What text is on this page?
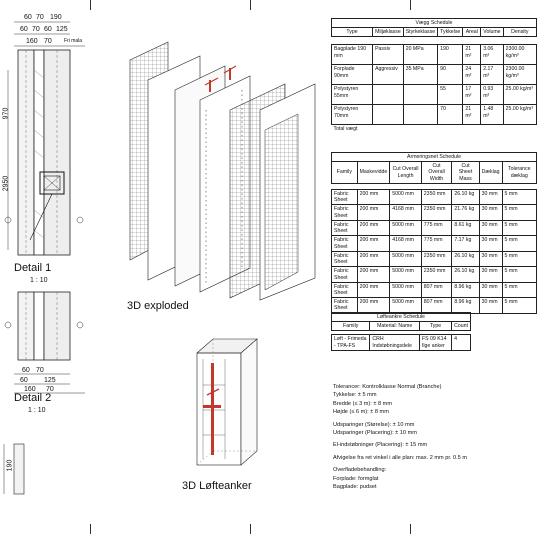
60 70 190
60 70 60 125
160 70 Fri mala
970
2950
Detail 1
1 : 10
60 70
60 125
160 70
Detail 2
1 : 10
190
3D exploded
3D Løfteanker
Vægg Schedule						
Type	Miljøklasse	Styrkeklasse	Tykkelse	Areal	Volume	Density

Bagplade 190 mm	Passiv	20 MPa	190	21 m²	3.06 m³	2300.00 kg/m³
Forplade 90mm	Aggressiv	35 MPa	90	24 m²	2.17 m³	2300.00 kg/m³
Polystyren 55mm			55	17 m²	0.93 m³	25.00 kg/m³
Polystyren 70mm			70	21 m²	1.48 m³	25.00 kg/m³
Total vægt						
Armeringsnet Schedule						
Family	Maskevidde	Cut Overall Length	Cut Overall Width	Cut Sheet Mass	Dæklag	Tolerance dæklag

Fabric Sheet	200 mm	5000 mm	2350 mm	26.10 kg	30 mm	5 mm
Fabric Sheet	200 mm	4168 mm	2350 mm	21.76 kg	30 mm	5 mm
Fabric Sheet	200 mm	5000 mm	775 mm	8.61 kg	30 mm	5 mm
Fabric Sheet	200 mm	4168 mm	775 mm	7.17 kg	30 mm	5 mm
Fabric Sheet	200 mm	5000 mm	2350 mm	26.10 kg	30 mm	5 mm
Fabric Sheet	200 mm	5000 mm	2350 mm	26.10 kg	30 mm	5 mm
Fabric Sheet	200 mm	5000 mm	807 mm	8.96 kg	30 mm	5 mm
Fabric Sheet	200 mm	5000 mm	807 mm	8.96 kg	30 mm	5 mm
Løfteankre Schedule			
Family	Material: Name	Type	Count

Løft - Frimeda - TPA-FS	CRH Indstøbningsdele	FS 09 K14 Ilge anker	4
Tolerancer: Kontrolklasse Normal (Branche)
Tykkelse: ± 5 mm
Bredde (≤ 3 m): ± 8 mm
Højde (≤ 6 m): ± 8 mm
Udsparinger (Størelse): ± 10 mm
Udsparinger (Placering): ± 10 mm
El-indstøbninger (Placering): ± 15 mm
Afvigelse fra ret vinkel i alle plan: max. 2 mm pr. 0.5 m
Overfladebehandling:
Forplade: formglat
Bagplade: pudset
